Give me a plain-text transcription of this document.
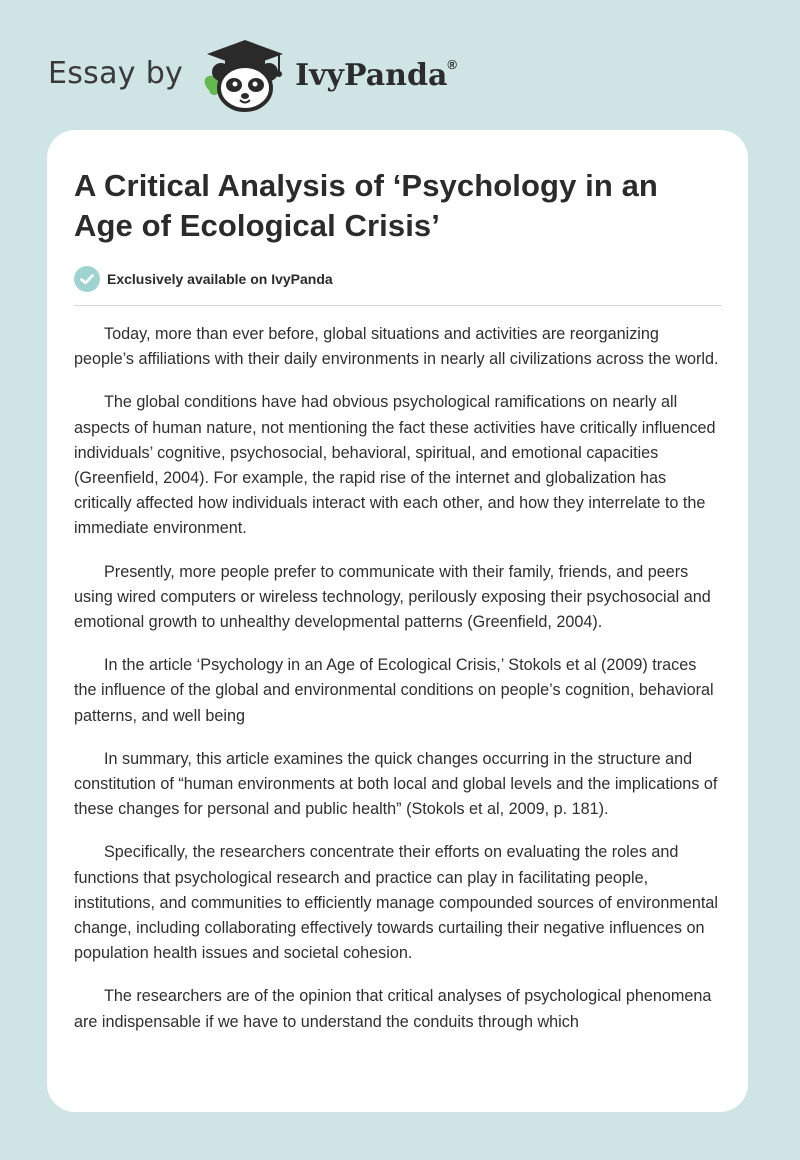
Essay by	IvyPanda®
A Critical Analysis of ‘Psychology in an Age of Ecological Crisis’
Exclusively available on IvyPanda

Today, more than ever before, global situations and activities are reorganizing people’s affiliations with their daily environments in nearly all civilizations across the world.

The global conditions have had obvious psychological ramifications on nearly all aspects of human nature, not mentioning the fact these activities have critically influenced individuals’ cognitive, psychosocial, behavioral, spiritual, and emotional capacities (Greenfield, 2004). For example, the rapid rise of the internet and globalization has critically affected how individuals interact with each other, and how they interrelate to the immediate environment.

Presently, more people prefer to communicate with their family, friends, and peers using wired computers or wireless technology, perilously exposing their psychosocial and emotional growth to unhealthy developmental patterns (Greenfield, 2004).

In the article ‘Psychology in an Age of Ecological Crisis,’ Stokols et al (2009) traces the influence of the global and environmental conditions on people’s cognition, behavioral patterns, and well being

In summary, this article examines the quick changes occurring in the structure and constitution of “human environments at both local and global levels and the implications of these changes for personal and public health” (Stokols et al, 2009, p. 181).

Specifically, the researchers concentrate their efforts on evaluating the roles and functions that psychological research and practice can play in facilitating people, institutions, and communities to efficiently manage compounded sources of environmental change, including collaborating effectively towards curtailing their negative influences on population health issues and societal cohesion.

The researchers are of the opinion that critical analyses of psychological phenomena are indispensable if we have to understand the conduits through which
